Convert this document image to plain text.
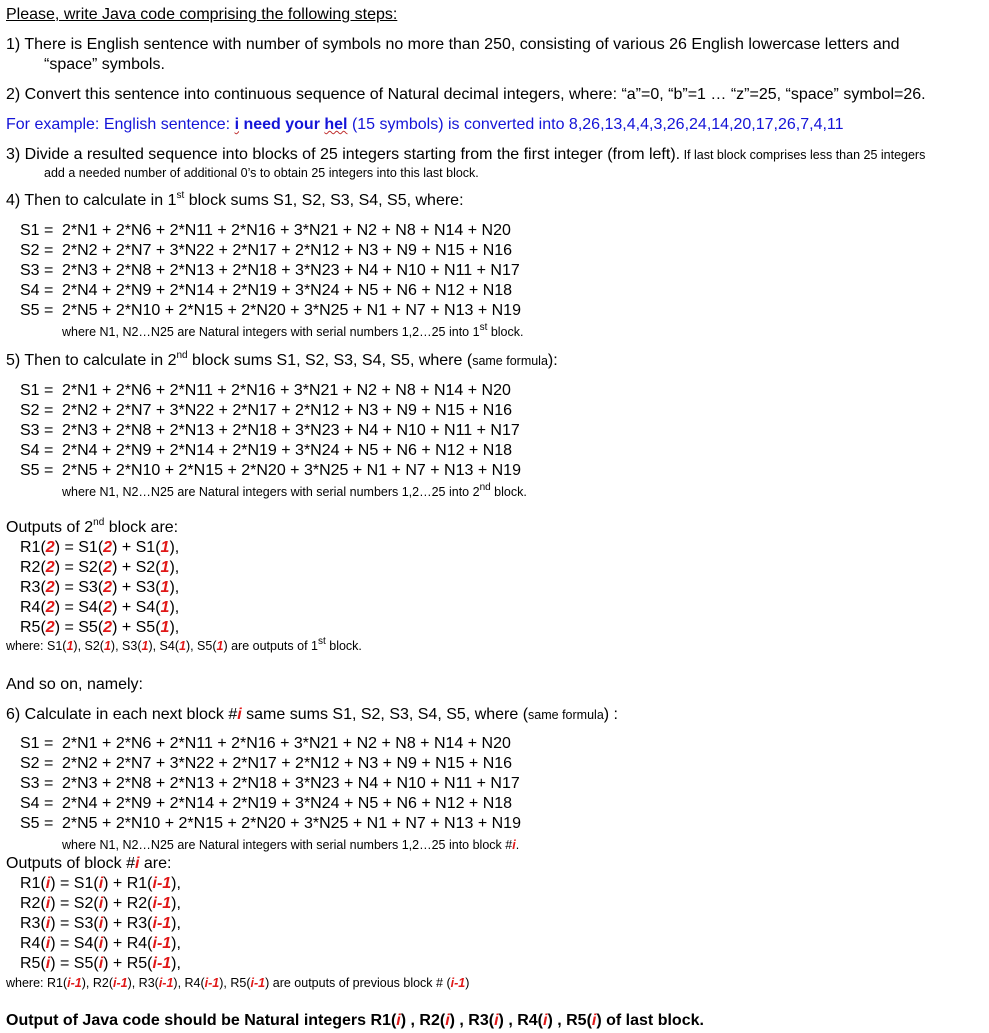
Please, write Java code comprising the following steps:
1) There is English sentence with number of symbols no more than 250, consisting of various 26 English lowercase letters and
“space” symbols.
2) Convert this sentence into continuous sequence of Natural decimal integers, where: “a”=0, “b”=1 … “z”=25, “space” symbol=26.
For example: English sentence: i need your hel (15 symbols) is converted into 8,26,13,4,4,3,26,24,14,20,17,26,7,4,11
3) Divide a resulted sequence into blocks of 25 integers starting from the first integer (from left). If last block comprises less than 25 integers
add a needed number of additional 0’s to obtain 25 integers into this last block.
4) Then to calculate in 1st block sums S1, S2, S3, S4, S5, where:
S1 = 2*N1 + 2*N6 + 2*N11 + 2*N16 + 3*N21 + N2 + N8 + N14 + N20
S2 = 2*N2 + 2*N7 + 3*N22 + 2*N17 + 2*N12 + N3 + N9 + N15 + N16
S3 = 2*N3 + 2*N8 + 2*N13 + 2*N18 + 3*N23 + N4 + N10 + N11 + N17
S4 = 2*N4 + 2*N9 + 2*N14 + 2*N19 + 3*N24 + N5 + N6 + N12 + N18
S5 = 2*N5 + 2*N10 + 2*N15 + 2*N20 + 3*N25 + N1 + N7 + N13 + N19
where N1, N2…N25 are Natural integers with serial numbers 1,2…25 into 1st block.
5) Then to calculate in 2nd block sums S1, S2, S3, S4, S5, where (same formula):
S1 = 2*N1 + 2*N6 + 2*N11 + 2*N16 + 3*N21 + N2 + N8 + N14 + N20
S2 = 2*N2 + 2*N7 + 3*N22 + 2*N17 + 2*N12 + N3 + N9 + N15 + N16
S3 = 2*N3 + 2*N8 + 2*N13 + 2*N18 + 3*N23 + N4 + N10 + N11 + N17
S4 = 2*N4 + 2*N9 + 2*N14 + 2*N19 + 3*N24 + N5 + N6 + N12 + N18
S5 = 2*N5 + 2*N10 + 2*N15 + 2*N20 + 3*N25 + N1 + N7 + N13 + N19
where N1, N2…N25 are Natural integers with serial numbers 1,2…25 into 2nd block.
Outputs of 2nd block are:
R1(2) = S1(2) + S1(1),
R2(2) = S2(2) + S2(1),
R3(2) = S3(2) + S3(1),
R4(2) = S4(2) + S4(1),
R5(2) = S5(2) + S5(1),
where: S1(1), S2(1), S3(1), S4(1), S5(1) are outputs of 1st block.
And so on, namely:
6) Calculate in each next block #i same sums S1, S2, S3, S4, S5, where (same formula) :
S1 = 2*N1 + 2*N6 + 2*N11 + 2*N16 + 3*N21 + N2 + N8 + N14 + N20
S2 = 2*N2 + 2*N7 + 3*N22 + 2*N17 + 2*N12 + N3 + N9 + N15 + N16
S3 = 2*N3 + 2*N8 + 2*N13 + 2*N18 + 3*N23 + N4 + N10 + N11 + N17
S4 = 2*N4 + 2*N9 + 2*N14 + 2*N19 + 3*N24 + N5 + N6 + N12 + N18
S5 = 2*N5 + 2*N10 + 2*N15 + 2*N20 + 3*N25 + N1 + N7 + N13 + N19
where N1, N2…N25 are Natural integers with serial numbers 1,2…25 into block #i.
Outputs of block #i are:
R1(i) = S1(i) + R1(i-1),
R2(i) = S2(i) + R2(i-1),
R3(i) = S3(i) + R3(i-1),
R4(i) = S4(i) + R4(i-1),
R5(i) = S5(i) + R5(i-1),
where: R1(i-1), R2(i-1), R3(i-1), R4(i-1), R5(i-1) are outputs of previous block # (i-1)
Output of Java code should be Natural integers R1(i) , R2(i) , R3(i) , R4(i) , R5(i) of last block.
